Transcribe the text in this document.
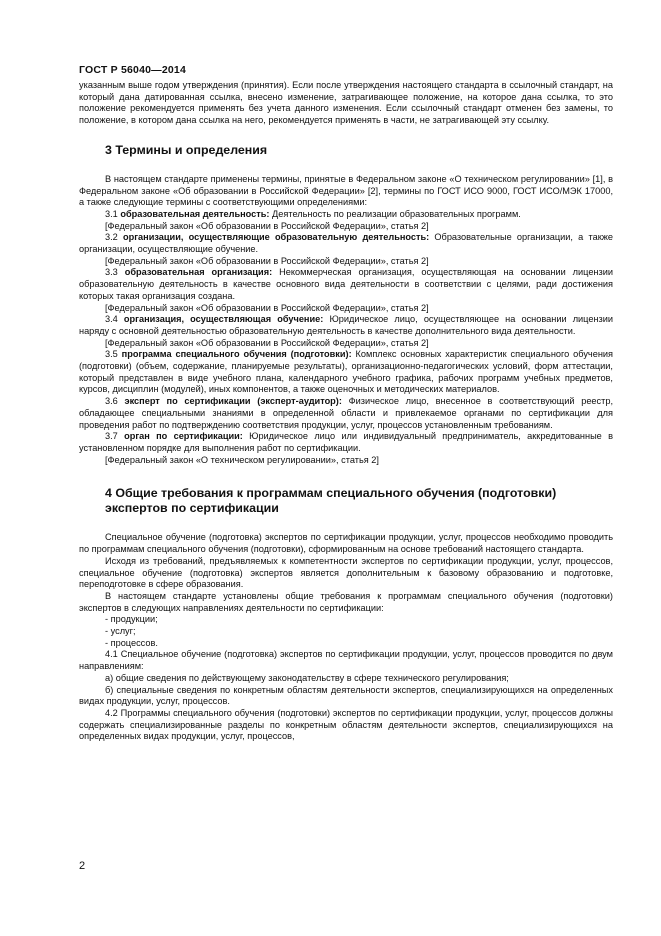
ГОСТ Р 56040—2014

указанным выше годом утверждения (принятия). Если после утверждения настоящего стандарта в ссылочный стандарт, на который дана датированная ссылка, внесено изменение, затрагивающее положение, на которое дана ссылка, то это положение рекомендуется применять без учета данного изменения. Если ссылочный стандарт отменен без замены, то положение, в котором дана ссылка на него, рекомендуется применять в части, не затрагивающей эту ссылку.

3 Термины и определения

В настоящем стандарте применены термины, принятые в Федеральном законе «О техническом регулировании» [1], в Федеральном законе «Об образовании в Российской Федерации» [2], термины по ГОСТ ИСО 9000, ГОСТ ИСО/МЭК 17000, а также следующие термины с соответствующими определениями:

3.1 образовательная деятельность: Деятельность по реализации образовательных программ.

[Федеральный закон «Об образовании в Российской Федерации», статья 2]

3.2 организации, осуществляющие образовательную деятельность: Образовательные организации, а также организации, осуществляющие обучение.

[Федеральный закон «Об образовании в Российской Федерации», статья 2]

3.3 образовательная организация: Некоммерческая организация, осуществляющая на основании лицензии образовательную деятельность в качестве основного вида деятельности в соответствии с целями, ради достижения которых такая организация создана.

[Федеральный закон «Об образовании в Российской Федерации», статья 2]

3.4 организация, осуществляющая обучение: Юридическое лицо, осуществляющее на основании лицензии наряду с основной деятельностью образовательную деятельность в качестве дополнительного вида деятельности.

[Федеральный закон «Об образовании в Российской Федерации», статья 2]

3.5 программа специального обучения (подготовки): Комплекс основных характеристик специального обучения (подготовки) (объем, содержание, планируемые результаты), организационно-педагогических условий, форм аттестации, который представлен в виде учебного плана, календарного учебного графика, рабочих программ учебных предметов, курсов, дисциплин (модулей), иных компонентов, а также оценочных и методических материалов.

3.6 эксперт по сертификации (эксперт-аудитор): Физическое лицо, внесенное в соответствующий реестр, обладающее специальными знаниями в определенной области и привлекаемое органами по сертификации для проведения работ по подтверждению соответствия продукции, услуг, процессов установленным требованиям.

3.7 орган по сертификации: Юридическое лицо или индивидуальный предприниматель, аккредитованные в установленном порядке для выполнения работ по сертификации.

[Федеральный закон «О техническом регулировании», статья 2]

4 Общие требования к программам специального обучения (подготовки) экспертов по сертификации

Специальное обучение (подготовка) экспертов по сертификации продукции, услуг, процессов необходимо проводить по программам специального обучения (подготовки), сформированным на основе требований настоящего стандарта.

Исходя из требований, предъявляемых к компетентности экспертов по сертификации продукции, услуг, процессов, специальное обучение (подготовка) экспертов является дополнительным к базовому образованию и подготовке, переподготовке в сфере образования.

В настоящем стандарте установлены общие требования к программам специального обучения (подготовки) экспертов в следующих направлениях деятельности по сертификации:

- продукции;

- услуг;

- процессов.

4.1 Специальное обучение (подготовка) экспертов по сертификации продукции, услуг, процессов проводится по двум направлениям:

а) общие сведения по действующему законодательству в сфере технического регулирования;

б) специальные сведения по конкретным областям деятельности экспертов, специализирующихся на определенных видах продукции, услуг, процессов.

4.2 Программы специального обучения (подготовки) экспертов по сертификации продукции, услуг, процессов должны содержать специализированные разделы по конкретным областям деятельности экспертов, специализирующихся на определенных видах продукции, услуг, процессов,

2
